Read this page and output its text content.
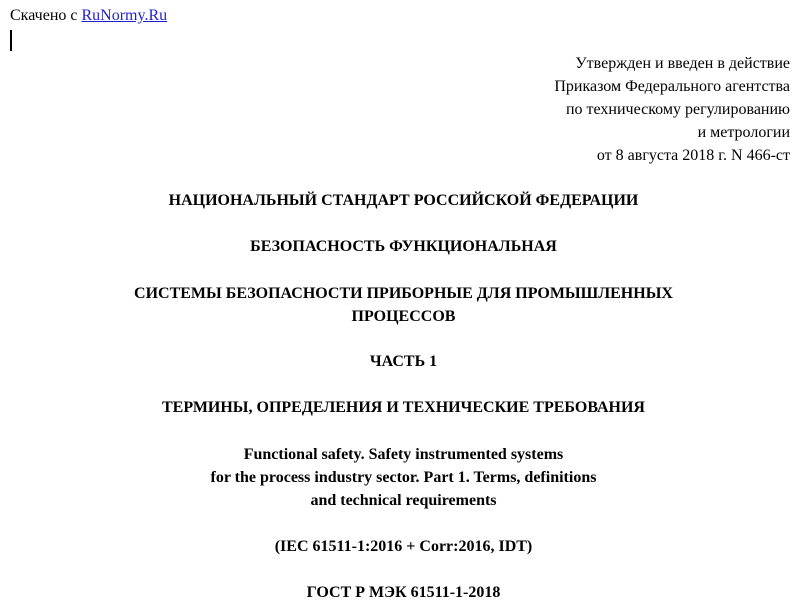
Скачено с RuNormy.Ru
Утвержден и введен в действие
Приказом Федерального агентства
по техническому регулированию
и метрологии
от 8 августа 2018 г. N 466-ст
НАЦИОНАЛЬНЫЙ СТАНДАРТ РОССИЙСКОЙ ФЕДЕРАЦИИ
БЕЗОПАСНОСТЬ ФУНКЦИОНАЛЬНАЯ
СИСТЕМЫ БЕЗОПАСНОСТИ ПРИБОРНЫЕ ДЛЯ ПРОМЫШЛЕННЫХ
ПРОЦЕССОВ
ЧАСТЬ 1
ТЕРМИНЫ, ОПРЕДЕЛЕНИЯ И ТЕХНИЧЕСКИЕ ТРЕБОВАНИЯ
Functional safety. Safety instrumented systems
for the process industry sector. Part 1. Terms, definitions
and technical requirements
(IEC 61511-1:2016 + Corr:2016, IDT)
ГОСТ Р МЭК 61511-1-2018
